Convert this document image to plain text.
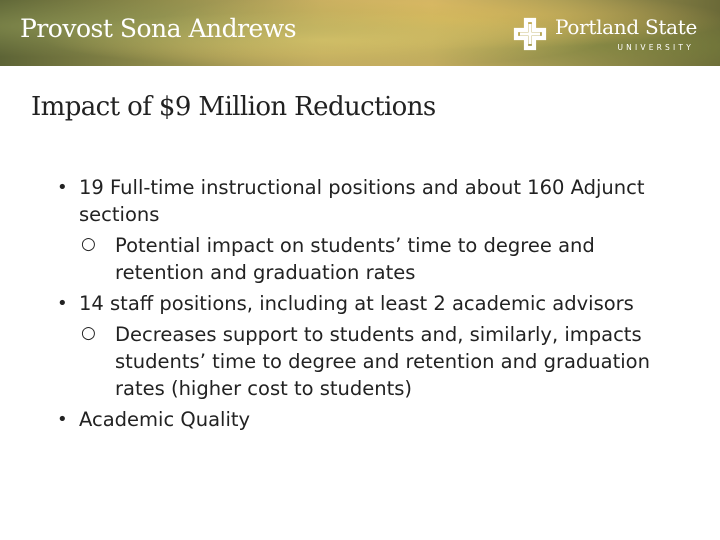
Provost Sona Andrews	Portland State
UNIVERSITY
Impact of $9 Million Reductions
• 19 Full-time instructional positions and about 160 Adjunct sections
○ Potential impact on students’ time to degree and retention and graduation rates
• 14 staff positions, including at least 2 academic advisors
○ Decreases support to students and, similarly, impacts students’ time to degree and retention and graduation rates (higher cost to students)
• Academic Quality
